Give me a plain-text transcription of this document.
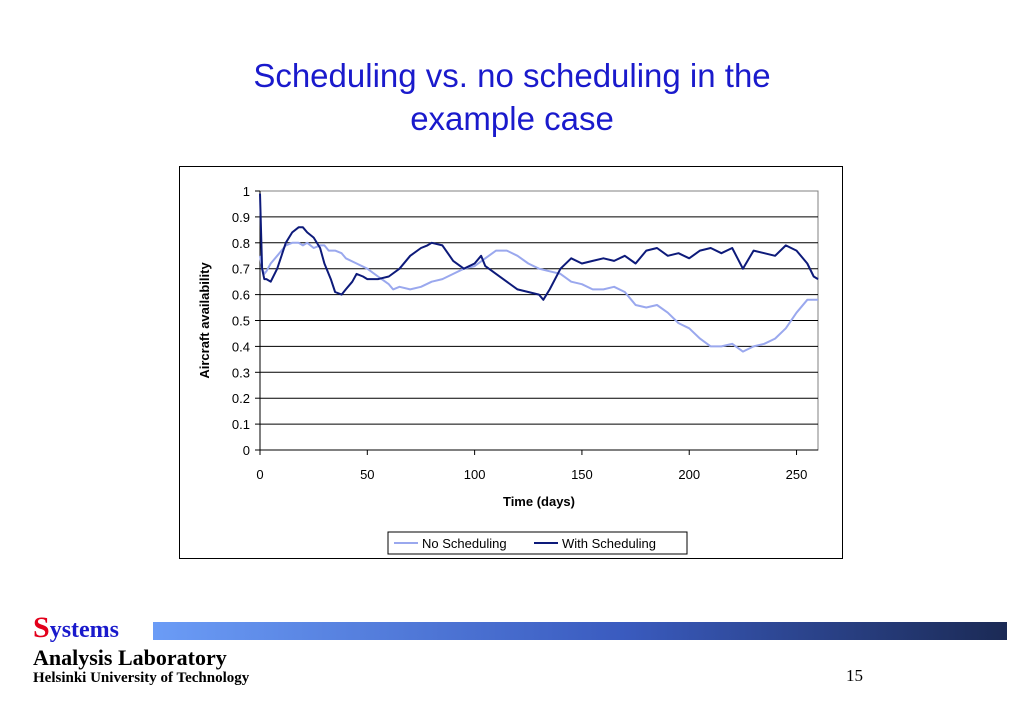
Scheduling vs. no scheduling in the
example case
0
0.1
0.2
0.3
0.4
0.5
0.6
0.7
0.8
0.9
1
0	50	100	150	200	250
Time (days)
Aircraft availability
No Scheduling	With Scheduling
S ystems
Analysis Laboratory
Helsinki University of Technology	15
